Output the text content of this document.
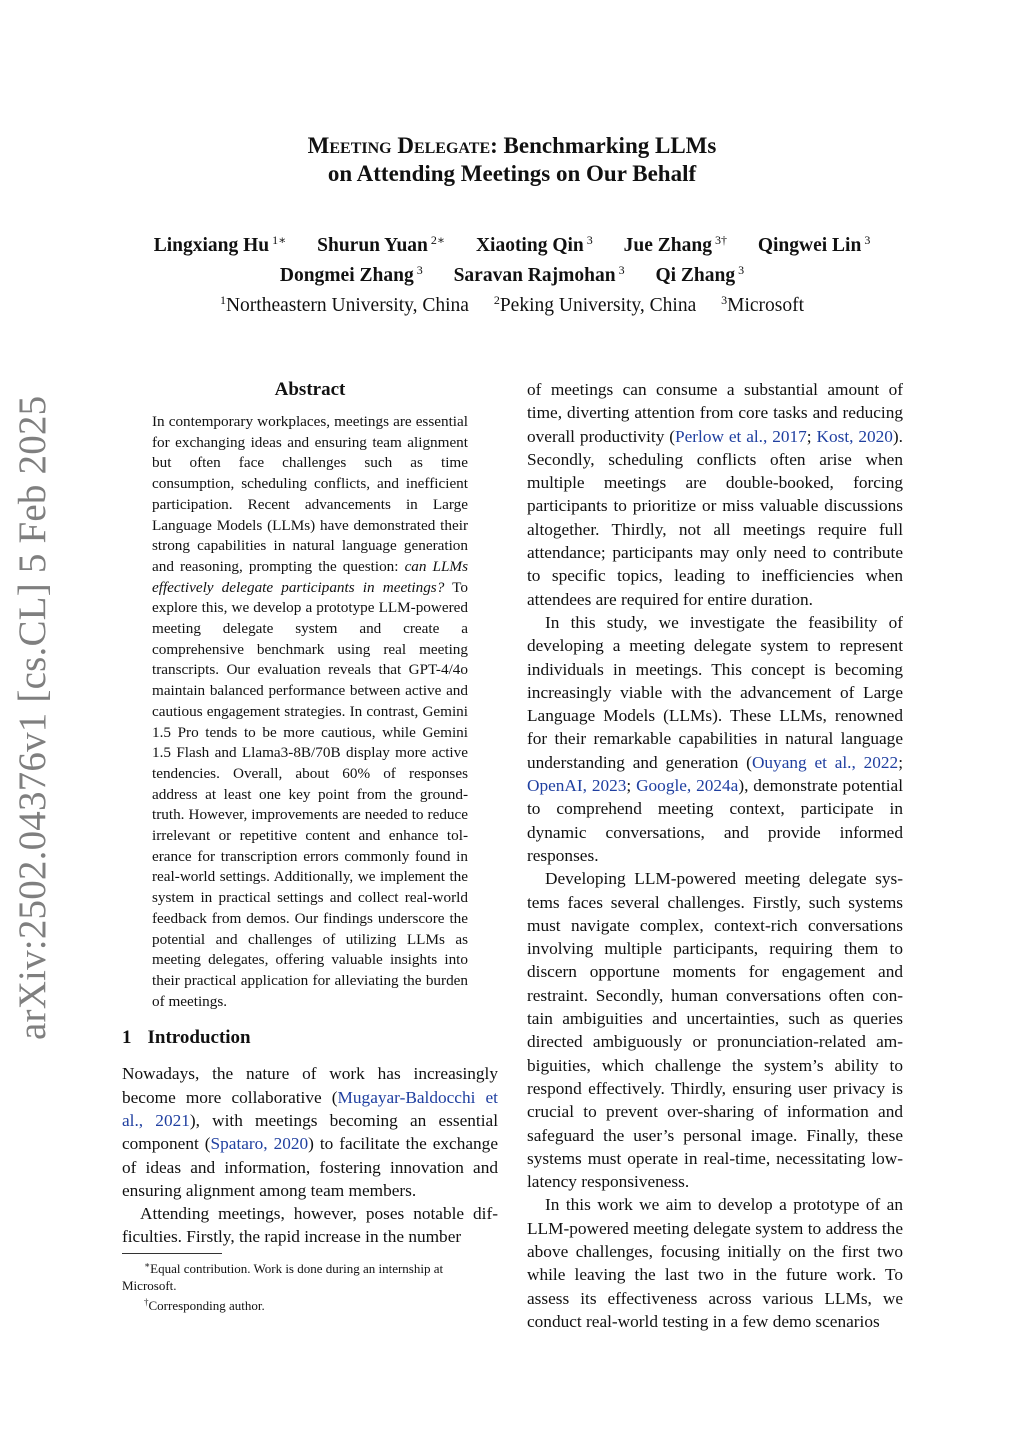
arXiv:2502.04376v1 [cs.CL] 5 Feb 2025
Meeting Delegate: Benchmarking LLMs
on Attending Meetings on Our Behalf
Lingxiang Hu $^{1∗}$ Shurun Yuan $^{2∗}$ Xiaoting Qin $^3$ Jue Zhang $^{3\dagger}$ Qingwei Lin $^3$
Dongmei Zhang $^3$ Saravan Rajmohan $^3$ Qi Zhang $^3$
$^1$Northeastern University, China $^2$Peking University, China $^3$Microsoft
Abstract
In contemporary workplaces, meetings are essential for exchanging ideas and ensuring team alignment but often face challenges such as time consumption, scheduling conflicts, and inefficient participation. Recent advancements in Large Language Models (LLMs) have demonstrated their strong capabilities in natural language generation and reasoning, prompting the question: can LLMs effectively delegate participants in meetings? To explore this, we develop a prototype LLM-powered meeting delegate system and create a comprehensive benchmark using real meeting transcripts. Our evaluation reveals that GPT-4/4o maintain balanced performance between active and cautious engagement strategies. In contrast, Gemini 1.5 Pro tends to be more cautious, while Gemini 1.5 Flash and Llama3-8B/70B display more active tendencies. Overall, about 60% of responses address at least one key point from the ground-truth. However, improvements are needed to reduce irrelevant or repetitive content and enhance tolerance for transcription errors commonly found in real-world settings. Additionally, we implement the system in practical settings and collect real-world feedback from demos. Our findings underscore the potential and challenges of utilizing LLMs as meeting delegates, offering valuable insights into their practical application for alleviating the burden of meetings.
1 Introduction

Nowadays, the nature of work has increasingly become more collaborative (Mugayar-Baldocchi et al., 2021), with meetings becoming an essential component (Spataro, 2020) to facilitate the exchange of ideas and information, fostering innovation and ensuring alignment among team members.

Attending meetings, however, poses notable difficulties. Firstly, the rapid increase in the number

∗Equal contribution. Work is done during an internship at Microsoft.

†Corresponding author.

of meetings can consume a substantial amount of time, diverting attention from core tasks and reducing overall productivity (Perlow et al., 2017; Kost, 2020). Secondly, scheduling conflicts often arise when multiple meetings are double-booked, forcing participants to prioritize or miss valuable discussions altogether. Thirdly, not all meetings require full attendance; participants may only need to contribute to specific topics, leading to inefficiencies when attendees are required for entire duration.

In this study, we investigate the feasibility of developing a meeting delegate system to represent individuals in meetings. This concept is becoming increasingly viable with the advancement of Large Language Models (LLMs). These LLMs, renowned for their remarkable capabilities in natural language understanding and generation (Ouyang et al., 2022; OpenAI, 2023; Google, 2024a), demonstrate potential to comprehend meeting context, participate in dynamic conversations, and provide informed responses.

Developing LLM-powered meeting delegate systems faces several challenges. Firstly, such systems must navigate complex, context-rich conversations involving multiple participants, requiring them to discern opportune moments for engagement and restraint. Secondly, human conversations often contain ambiguities and uncertainties, such as queries directed ambiguously or pronunciation-related ambiguities, which challenge the system’s ability to respond effectively. Thirdly, ensuring user privacy is crucial to prevent over-sharing of information and safeguard the user’s personal image. Finally, these systems must operate in real-time, necessitating low-latency responsiveness.

In this work we aim to develop a prototype of an LLM-powered meeting delegate system to address the above challenges, focusing initially on the first two while leaving the last two in the future work. To assess its effectiveness across various LLMs, we conduct real-world testing in a few demo scenarios
